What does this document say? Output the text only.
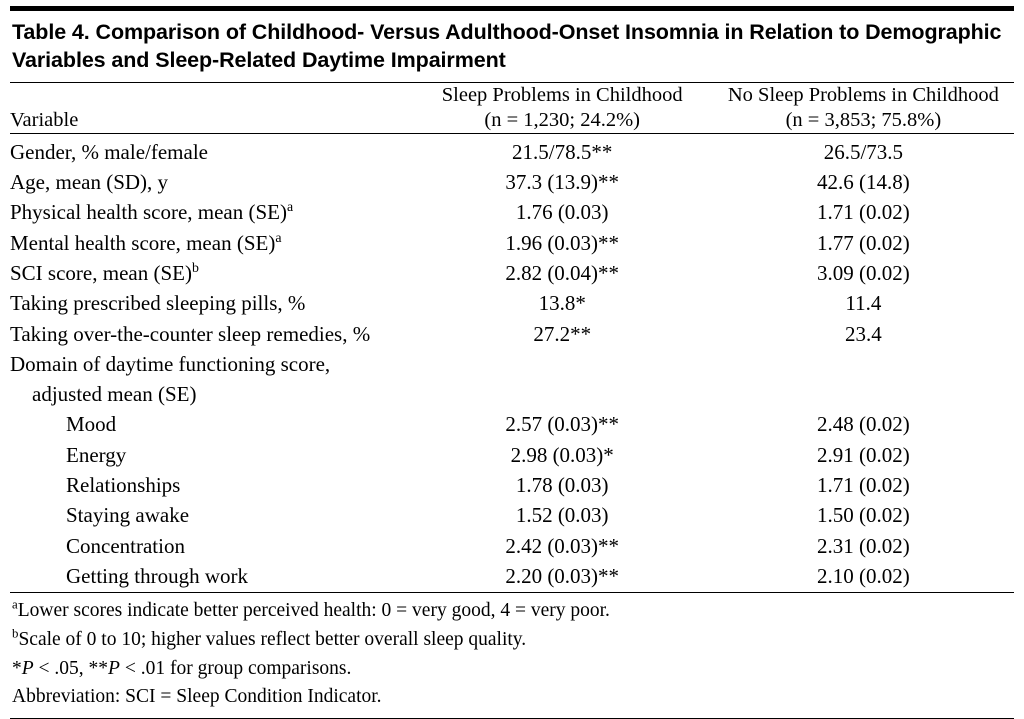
Table 4. Comparison of Childhood- Versus Adulthood-Onset Insomnia in Relation to Demographic Variables and Sleep-Related Daytime Impairment
	Sleep Problems in Childhood	No Sleep Problems in Childhood
Variable	(n = 1,230; 24.2%)	(n = 3,853; 75.8%)
Gender, % male/female	21.5/78.5**	26.5/73.5
Age, mean (SD), y	37.3 (13.9)**	42.6 (14.8)
Physical health score, mean (SE)$^a$	1.76 (0.03)	1.71 (0.02)
Mental health score, mean (SE)$^a$	1.96 (0.03)**	1.77 (0.02)
SCI score, mean (SE)$^b$	2.82 (0.04)**	3.09 (0.02)
Taking prescribed sleeping pills, %	13.8*	11.4
Taking over-the-counter sleep remedies, %	27.2**	23.4
Domain of daytime functioning score,		

adjusted mean (SE)		

Mood	2.57 (0.03)**	2.48 (0.02)

Energy	2.98 (0.03)*	2.91 (0.02)

Relationships	1.78 (0.03)	1.71 (0.02)

Staying awake	1.52 (0.03)	1.50 (0.02)

Concentration	2.42 (0.03)**	2.31 (0.02)

Getting through work	2.20 (0.03)**	2.10 (0.02)
$^a$Lower scores indicate better perceived health: 0 = very good, 4 = very poor.
$^b$Scale of 0 to 10; higher values reflect better overall sleep quality.
*P < .05, **P < .01 for group comparisons.
Abbreviation: SCI = Sleep Condition Indicator.
